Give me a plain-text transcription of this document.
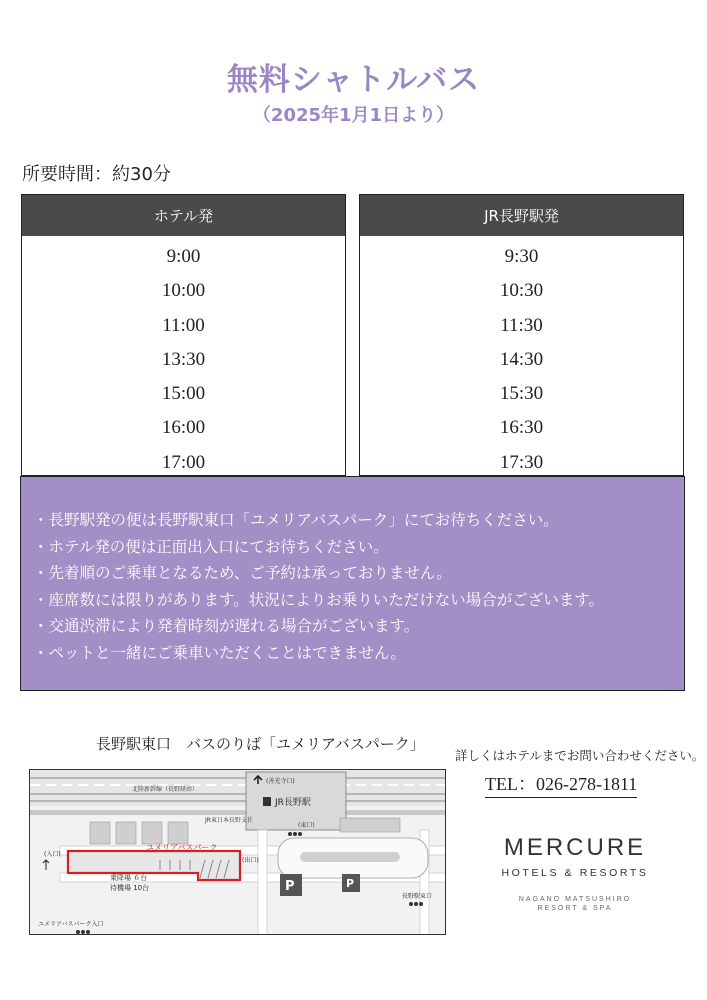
無料シャトルバス
（2025年1月1日より）
所要時間：約30分
ホテル発
9:00
10:00
11:00
13:30
15:00
16:00
17:00
JR長野駅発
9:30
10:30
11:30
14:30
15:30
16:30
17:30
・長野駅発の便は長野駅東口「ユメリアバスパーク」にてお待ちください。
・ホテル発の便は正面出入口にてお待ちください。
・先着順のご乗車となるため、ご予約は承っておりません。
・座席数には限りがあります。状況によりお乗りいただけない場合がございます。
・交通渋滞により発着時刻が遅れる場合がございます。
・ペットと一緒にご乗車いただくことはできません。
長野駅東口　バスのりば「ユメリアバスパーク」
(善光寺口)
JR長野駅
北陸新幹線（長野経由）
JR東日本長野支社
(東口)
P	P
ユメリアバスパーク
乗降場 ６台
待機場 10台
(入口)
(出口)
ユメリアバスパーク入口
長野駅東口
詳しくはホテルまでお問い合わせください。
TEL：026-278-1811
MERCURE
HOTELS & RESORTS
NAGANO MATSUSHIRO
RESORT & SPA
